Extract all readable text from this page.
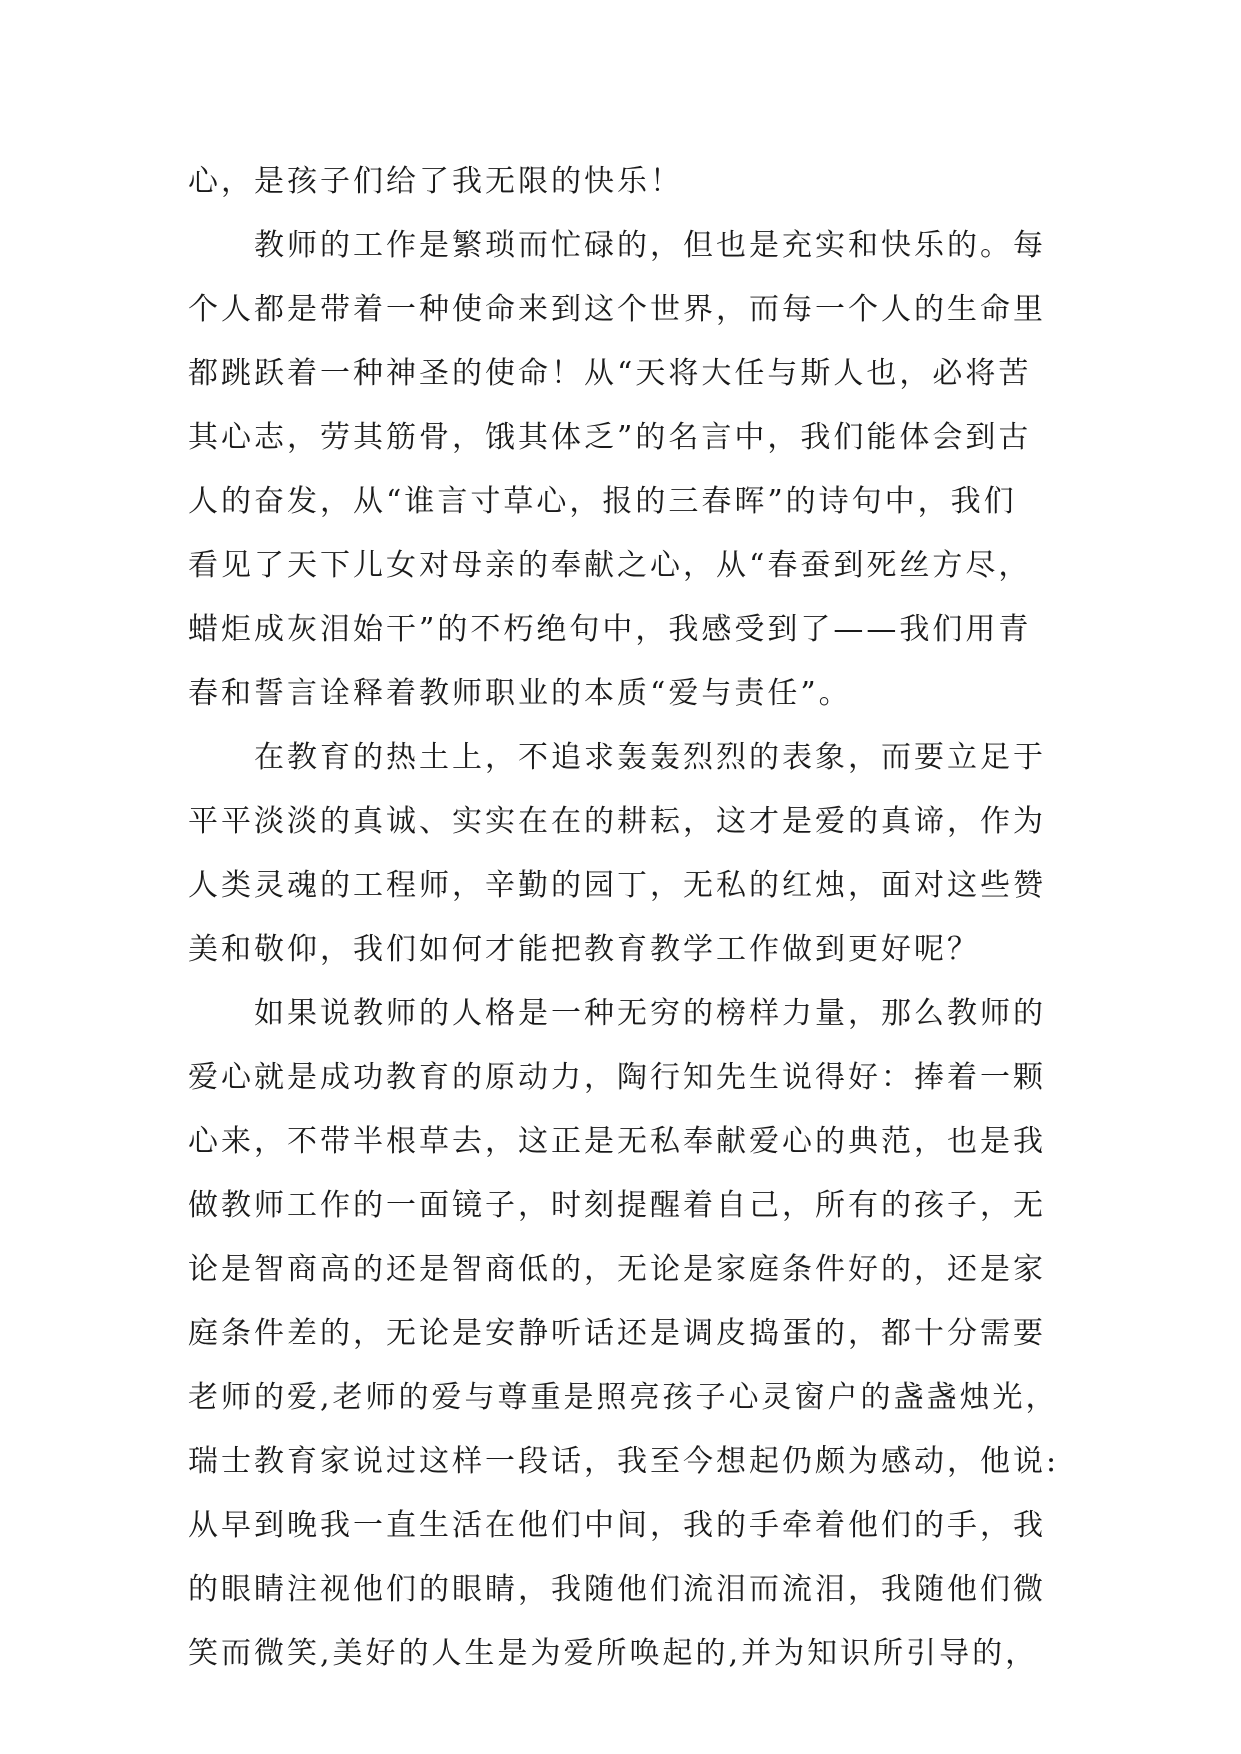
心，是孩子们给了我无限的快乐！
　　教师的工作是繁琐而忙碌的，但也是充实和快乐的。每
个人都是带着一种使命来到这个世界，而每一个人的生命里
都跳跃着一种神圣的使命！从“天将大任与斯人也，必将苦
其心志，劳其筋骨，饿其体乏”的名言中，我们能体会到古
人的奋发，从“谁言寸草心，报的三春晖”的诗句中，我们
看见了天下儿女对母亲的奉献之心，从“春蚕到死丝方尽，
蜡炬成灰泪始干”的不朽绝句中，我感受到了——我们用青
春和誓言诠释着教师职业的本质“爱与责任”。
　　在教育的热土上，不追求轰轰烈烈的表象，而要立足于
平平淡淡的真诚、实实在在的耕耘，这才是爱的真谛，作为
人类灵魂的工程师，辛勤的园丁，无私的红烛，面对这些赞
美和敬仰，我们如何才能把教育教学工作做到更好呢？
　　如果说教师的人格是一种无穷的榜样力量，那么教师的
爱心就是成功教育的原动力，陶行知先生说得好：捧着一颗
心来，不带半根草去，这正是无私奉献爱心的典范，也是我
做教师工作的一面镜子，时刻提醒着自己，所有的孩子，无
论是智商高的还是智商低的，无论是家庭条件好的，还是家
庭条件差的，无论是安静听话还是调皮捣蛋的，都十分需要
老师的爱,老师的爱与尊重是照亮孩子心灵窗户的盏盏烛光，
瑞士教育家说过这样一段话，我至今想起仍颇为感动，他说:
从早到晚我一直生活在他们中间，我的手牵着他们的手，我
的眼睛注视他们的眼睛，我随他们流泪而流泪，我随他们微
笑而微笑,美好的人生是为爱所唤起的,并为知识所引导的，
